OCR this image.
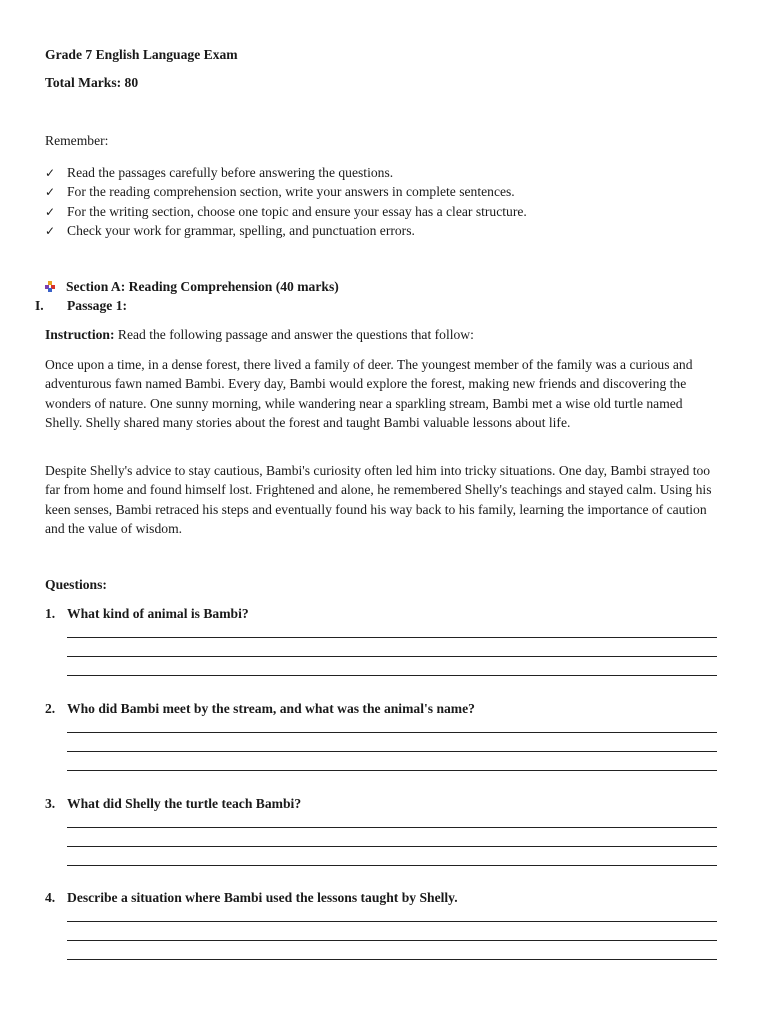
Grade 7 English Language Exam
Total Marks: 80
Remember:
✓ Read the passages carefully before answering the questions.
✓ For the reading comprehension section, write your answers in complete sentences.
✓ For the writing section, choose one topic and ensure your essay has a clear structure.
✓ Check your work for grammar, spelling, and punctuation errors.
Section A: Reading Comprehension (40 marks)
I. Passage 1:
Instruction: Read the following passage and answer the questions that follow:

Once upon a time, in a dense forest, there lived a family of deer. The youngest member of the family was a curious and adventurous fawn named Bambi. Every day, Bambi would explore the forest, making new friends and discovering the wonders of nature. One sunny morning, while wandering near a sparkling stream, Bambi met a wise old turtle named Shelly. Shelly shared many stories about the forest and taught Bambi valuable lessons about life.

Despite Shelly's advice to stay cautious, Bambi's curiosity often led him into tricky situations. One day, Bambi strayed too far from home and found himself lost. Frightened and alone, he remembered Shelly's teachings and stayed calm. Using his keen senses, Bambi retraced his steps and eventually found his way back to his family, learning the importance of caution and the value of wisdom.

Questions:
1. What kind of animal is Bambi?
2. Who did Bambi meet by the stream, and what was the animal's name?
3. What did Shelly the turtle teach Bambi?
4. Describe a situation where Bambi used the lessons taught by Shelly.
